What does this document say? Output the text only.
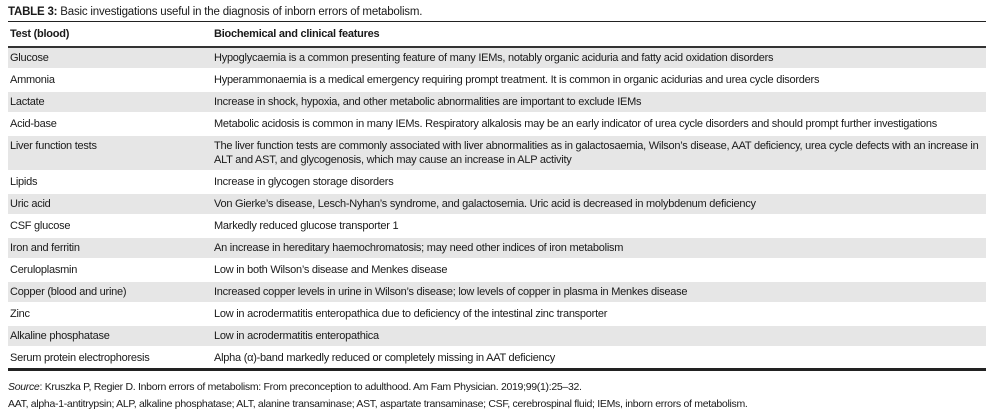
TABLE 3: Basic investigations useful in the diagnosis of inborn errors of metabolism.
Test (blood)	Biochemical and clinical features
Glucose	Hypoglycaemia is a common presenting feature of many IEMs, notably organic aciduria and fatty acid oxidation disorders
Ammonia	Hyperammonaemia is a medical emergency requiring prompt treatment. It is common in organic acidurias and urea cycle disorders
Lactate	Increase in shock, hypoxia, and other metabolic abnormalities are important to exclude IEMs
Acid-base	Metabolic acidosis is common in many IEMs. Respiratory alkalosis may be an early indicator of urea cycle disorders and should prompt further investigations
Liver function tests	The liver function tests are commonly associated with liver abnormalities as in galactosaemia, Wilson’s disease, AAT deficiency, urea cycle defects with an increase in ALT and AST, and glycogenosis, which may cause an increase in ALP activity
Lipids	Increase in glycogen storage disorders
Uric acid	Von Gierke’s disease, Lesch-Nyhan’s syndrome, and galactosemia. Uric acid is decreased in molybdenum deficiency
CSF glucose	Markedly reduced glucose transporter 1
Iron and ferritin	An increase in hereditary haemochromatosis; may need other indices of iron metabolism
Ceruloplasmin	Low in both Wilson’s disease and Menkes disease
Copper (blood and urine)	Increased copper levels in urine in Wilson’s disease; low levels of copper in plasma in Menkes disease
Zinc	Low in acrodermatitis enteropathica due to deficiency of the intestinal zinc transporter
Alkaline phosphatase	Low in acrodermatitis enteropathica
Serum protein electrophoresis	Alpha (α)-band markedly reduced or completely missing in AAT deficiency
Source: Kruszka P, Regier D. Inborn errors of metabolism: From preconception to adulthood. Am Fam Physician. 2019;99(1):25–32.
AAT, alpha-1-antitrypsin; ALP, alkaline phosphatase; ALT, alanine transaminase; AST, aspartate transaminase; CSF, cerebrospinal fluid; IEMs, inborn errors of metabolism.
